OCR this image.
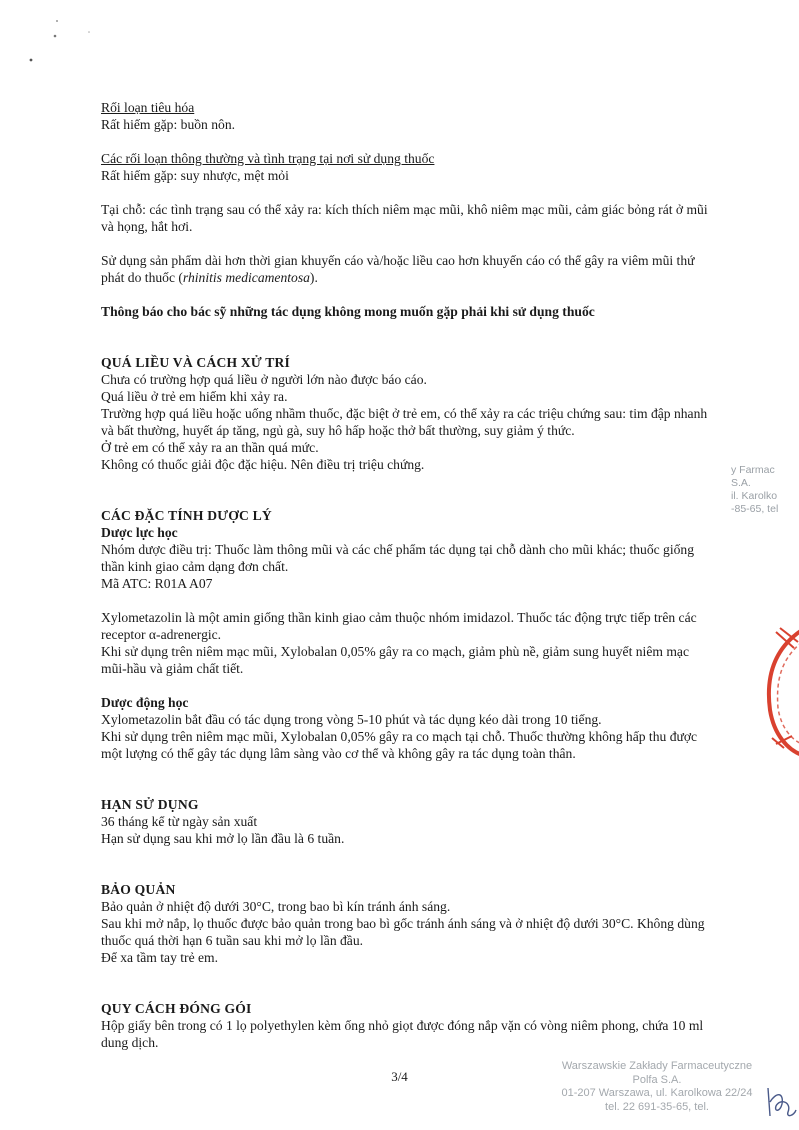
Rối loạn tiêu hóa

Rất hiếm gặp: buồn nôn.

Các rối loạn thông thường và tình trạng tại nơi sử dụng thuốc

Rất hiếm gặp: suy nhược, mệt mỏi

Tại chỗ: các tình trạng sau có thể xảy ra: kích thích niêm mạc mũi, khô niêm mạc mũi, cảm giác bỏng rát ở mũi và họng, hắt hơi.

Sử dụng sản phẩm dài hơn thời gian khuyến cáo và/hoặc liều cao hơn khuyến cáo có thể gây ra viêm mũi thứ phát do thuốc (rhinitis medicamentosa).

Thông báo cho bác sỹ những tác dụng không mong muốn gặp phải khi sử dụng thuốc

QUÁ LIỀU VÀ CÁCH XỬ TRÍ

Chưa có trường hợp quá liều ở người lớn nào được báo cáo.

Quá liều ở trẻ em hiếm khi xảy ra.

Trường hợp quá liều hoặc uống nhầm thuốc, đặc biệt ở trẻ em, có thể xảy ra các triệu chứng sau: tim đập nhanh và bất thường, huyết áp tăng, ngủ gà, suy hô hấp hoặc thở bất thường, suy giảm ý thức.

Ở trẻ em có thể xảy ra an thần quá mức.

Không có thuốc giải độc đặc hiệu. Nên điều trị triệu chứng.

CÁC ĐẶC TÍNH DƯỢC LÝ

Dược lực học

Nhóm dược điều trị: Thuốc làm thông mũi và các chế phẩm tác dụng tại chỗ dành cho mũi khác; thuốc giống thần kinh giao cảm dạng đơn chất.

Mã ATC: R01A A07

Xylometazolin là một amin giống thần kinh giao cảm thuộc nhóm imidazol. Thuốc tác động trực tiếp trên các receptor α-adrenergic.

Khi sử dụng trên niêm mạc mũi, Xylobalan 0,05% gây ra co mạch, giảm phù nề, giảm sung huyết niêm mạc mũi-hầu và giảm chất tiết.

Dược động học

Xylometazolin bắt đầu có tác dụng trong vòng 5-10 phút và tác dụng kéo dài trong 10 tiếng.

Khi sử dụng trên niêm mạc mũi, Xylobalan 0,05% gây ra co mạch tại chỗ. Thuốc thường không hấp thu được một lượng có thể gây tác dụng lâm sàng vào cơ thể và không gây ra tác dụng toàn thân.

HẠN SỬ DỤNG

36 tháng kể từ ngày sản xuất

Hạn sử dụng sau khi mở lọ lần đầu là 6 tuần.

BẢO QUẢN

Bảo quản ở nhiệt độ dưới 30°C, trong bao bì kín tránh ánh sáng.

Sau khi mở nắp, lọ thuốc được bảo quản trong bao bì gốc tránh ánh sáng và ở nhiệt độ dưới 30°C. Không dùng thuốc quá thời hạn 6 tuần sau khi mở lọ lần đầu.

Để xa tầm tay trẻ em.

QUY CÁCH ĐÓNG GÓI

Hộp giấy bên trong có 1 lọ polyethylen kèm ống nhỏ giọt được đóng nắp vặn có vòng niêm phong, chứa 10 ml dung dịch.

y Farmac
S.A.
il. Karolko
-85-65, tel
3/4
Warszawskie Zakłady Farmaceutyczne
Polfa S.A.
01-207 Warszawa, ul. Karolkowa 22/24
tel. 22 691-35-65, tel.
